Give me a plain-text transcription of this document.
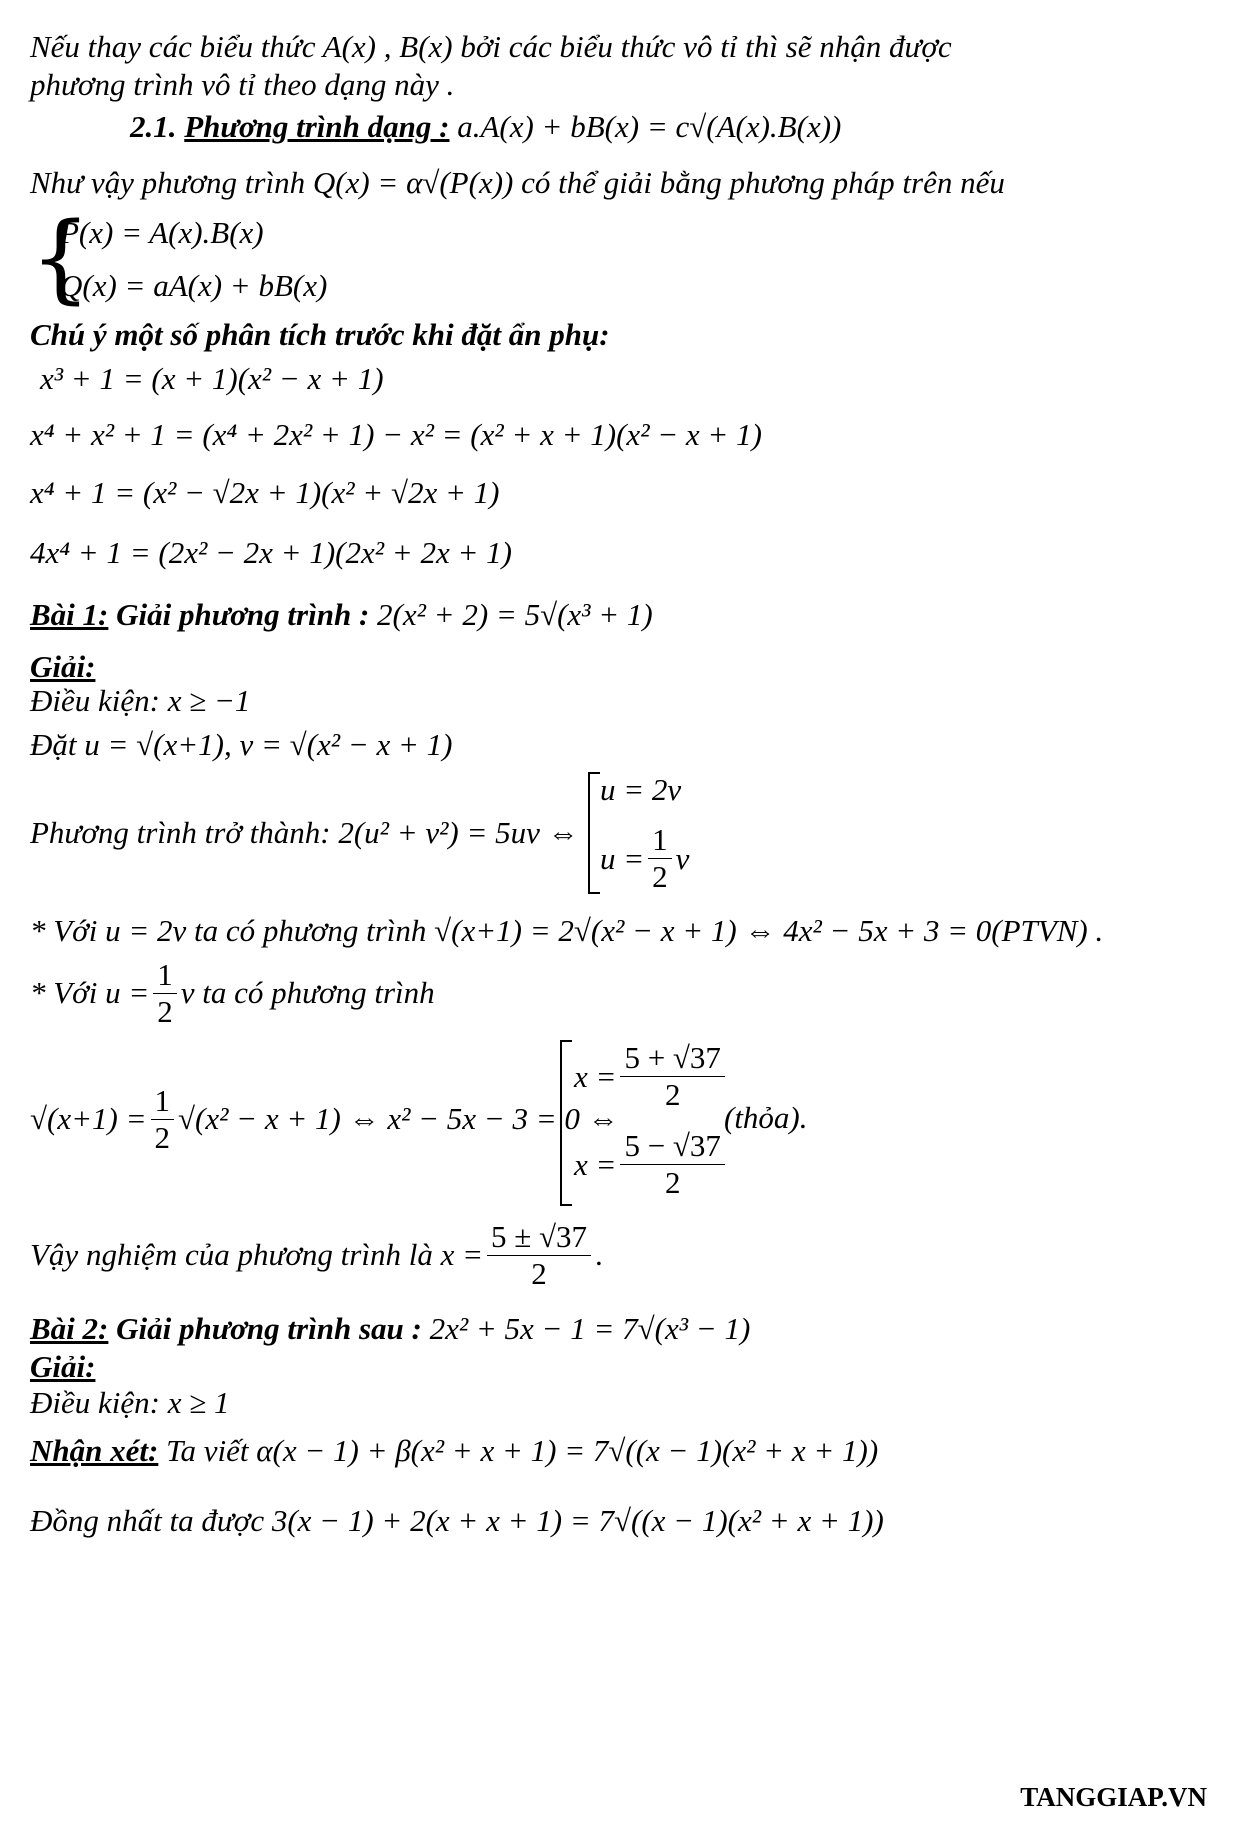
Nếu thay các biểu thức A(x) , B(x) bởi các biểu thức vô tỉ thì sẽ nhận được
phương trình vô tỉ theo dạng này .
2.1. Phương trình dạng : a.A(x) + bB(x) = c√(A(x).B(x))
Như vậy phương trình Q(x) = α√(P(x)) có thể giải bằng phương pháp trên nếu
{
P(x) = A(x).B(x)
Q(x) = aA(x) + bB(x)
Chú ý một số phân tích trước khi đặt ẩn phụ:
x³ + 1 = (x + 1)(x² − x + 1)
x⁴ + x² + 1 = (x⁴ + 2x² + 1) − x² = (x² + x + 1)(x² − x + 1)
x⁴ + 1 = (x² − √2x + 1)(x² + √2x + 1)
4x⁴ + 1 = (2x² − 2x + 1)(2x² + 2x + 1)
Bài 1: Giải phương trình : 2(x² + 2) = 5√(x³ + 1)
Giải:
Điều kiện: x ≥ −1
Đặt u = √(x+1), v = √(x² − x + 1)
Phương trình trở thành: 2(u² + v²) = 5uv ⇔
u = 2v
$u = \frac{1}{2}$ v
* Với u = 2v ta có phương trình √(x+1) = 2√(x² − x + 1) ⇔ 4x² − 5x + 3 = 0(PTVN) .
* Với
$u = \frac{1}{2}$ v
ta có phương trình
$√(x+1) = \frac{1}{2} √(x^2 - x + 1)$ ⇔ x² − 5x − 3 = 0 ⇔
$x = \frac{5 + √37}{2}$
$x = \frac{5 - √37}{2}$
(thỏa).
Vậy nghiệm của phương trình là
$x = \frac{5 \pm √37}{2}$ .
Bài 2: Giải phương trình sau : 2x² + 5x − 1 = 7√(x³ − 1)
Giải:
Điều kiện: x ≥ 1
Nhận xét: Ta viết α(x − 1) + β(x² + x + 1) = 7√((x − 1)(x² + x + 1))
Đồng nhất ta được 3(x − 1) + 2(x + x + 1) = 7√((x − 1)(x² + x + 1))
TANGGIAP.VN
